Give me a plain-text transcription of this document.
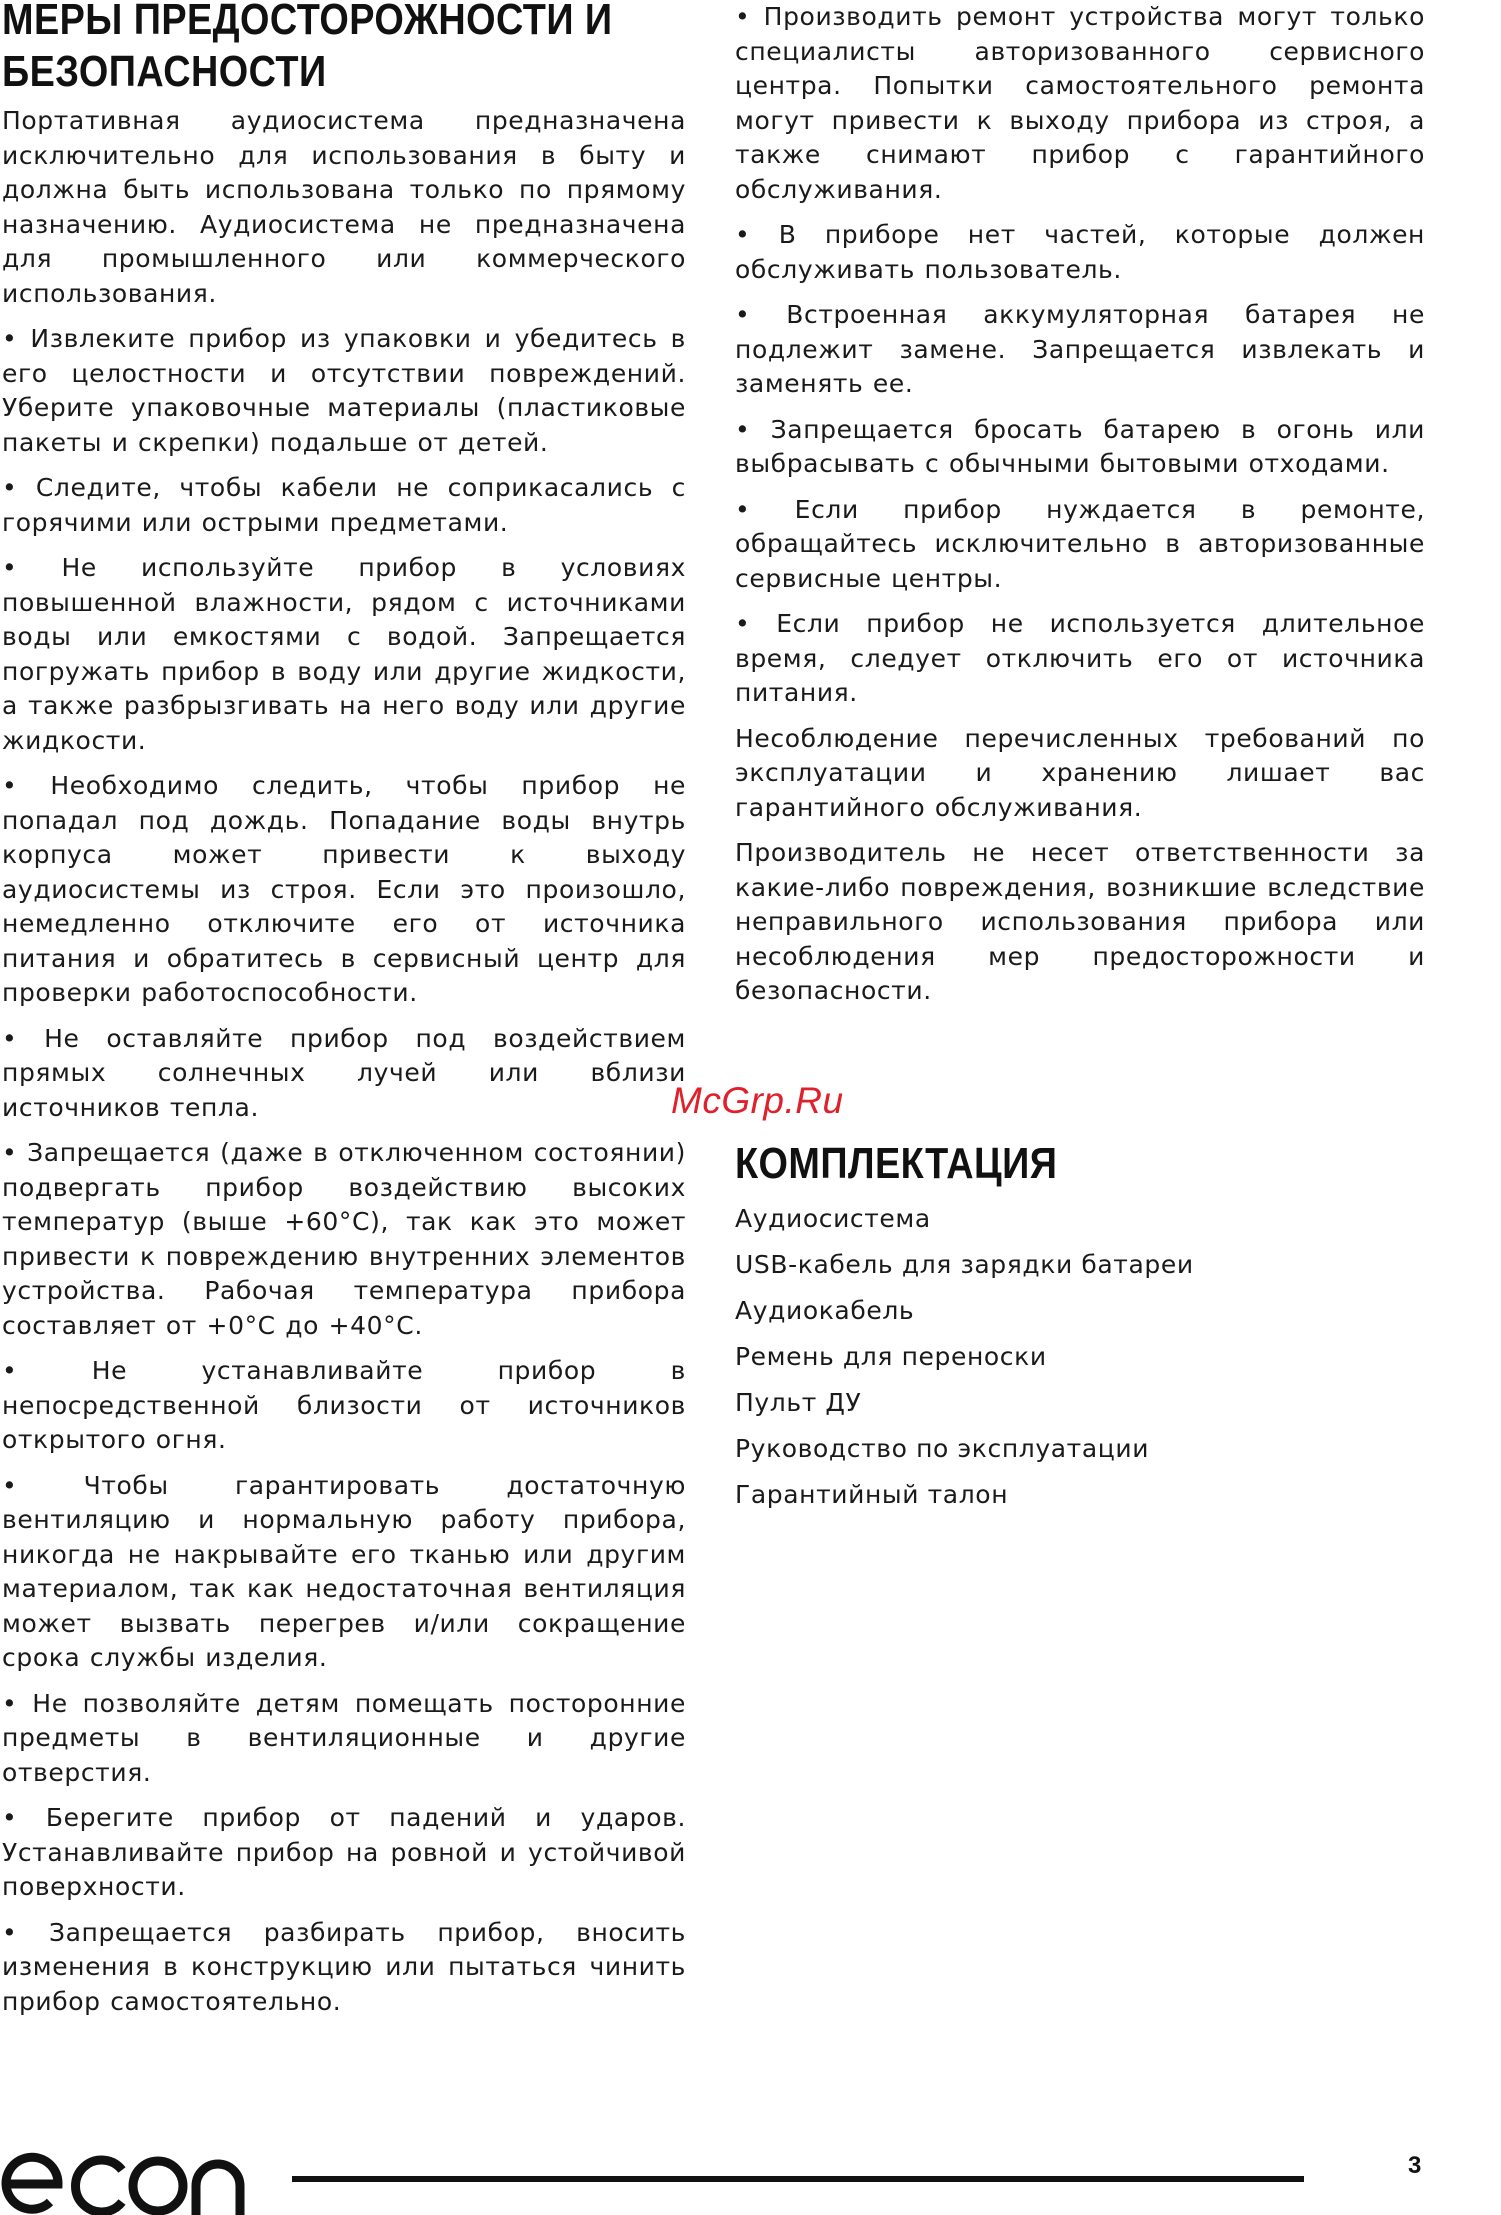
МЕРЫ ПРЕДОСТОРОЖНОСТИ И
БЕЗОПАСНОСТИ

Портативная аудиосистема предназначена исключительно для использования в быту и должна быть использована только по прямому назначению. Аудиосистема не предназначена для промышленного или коммерческого использования.

• Извлеките прибор из упаковки и убедитесь в его целостности и отсутствии повреждений. Уберите упаковочные материалы (пластиковые пакеты и скрепки) подальше от детей.

• Следите, чтобы кабели не соприкасались с горячими или острыми предметами.

• Не используйте прибор в условиях повышенной влажности, рядом с источниками воды или емкостями с водой. Запрещается погружать прибор в воду или другие жидкости, а также разбрызгивать на него воду или другие жидкости.

• Необходимо следить, чтобы прибор не попадал под дождь. Попадание воды внутрь корпуса может привести к выходу аудиосистемы из строя. Если это произошло, немедленно отключите его от источника питания и обратитесь в сервисный центр для проверки работоспособности.

• Не оставляйте прибор под воздействием прямых солнечных лучей или вблизи источников тепла.

• Запрещается (даже в отключенном состоянии) подвергать прибор воздействию высоких температур (выше +60°С), так как это может привести к повреждению внутренних элементов устройства. Рабочая температура прибора составляет от +0°С до +40°С.

• Не устанавливайте прибор в непосредственной близости от источников открытого огня.

• Чтобы гарантировать достаточную вентиляцию и нормальную работу прибора, никогда не накрывайте его тканью или другим материалом, так как недостаточная вентиляция может вызвать перегрев и/или сокращение срока службы изделия.

• Не позволяйте детям помещать посторонние предметы в вентиляционные и другие отверстия.

• Берегите прибор от падений и ударов. Устанавливайте прибор на ровной и устойчивой поверхности.

• Запрещается разбирать прибор, вносить изменения в конструкцию или пытаться чинить прибор самостоятельно.

• Производить ремонт устройства могут только специалисты авторизованного сервисного центра. Попытки самостоятельного ремонта могут привести к выходу прибора из строя, а также снимают прибор с гарантийного обслуживания.

• В приборе нет частей, которые должен обслуживать пользователь.

• Встроенная аккумуляторная батарея не подлежит замене. Запрещается извлекать и заменять ее.

• Запрещается бросать батарею в огонь или выбрасывать с обычными бытовыми отходами.

• Если прибор нуждается в ремонте, обращайтесь исключительно в авторизованные сервисные центры.

• Если прибор не используется длительное время, следует отключить его от источника питания.

Несоблюдение перечисленных требований по эксплуатации и хранению лишает вас гарантийного обслуживания.

Производитель не несет ответственности за какие-либо повреждения, возникшие вследствие неправильного использования прибора или несоблюдения мер предосторожности и безопасности.

McGrp.Ru
КОМПЛЕКТАЦИЯ
Аудиосистема
USB-кабель для зарядки батареи
Аудиокабель
Ремень для переноски
Пульт ДУ
Руководство по эксплуатации
Гарантийный талон
3
